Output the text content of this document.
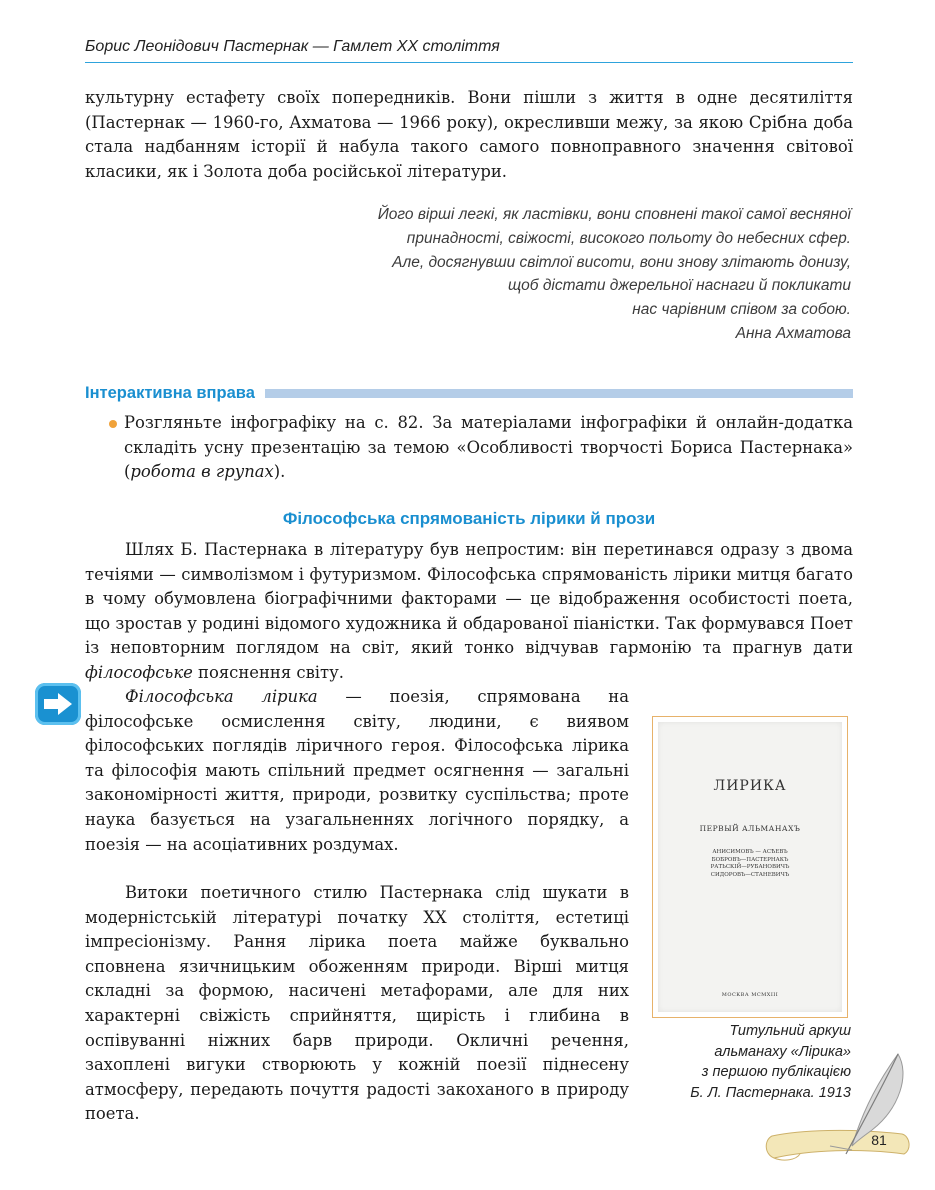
Борис Леонідович Пастернак — Гамлет ХХ століття

культурну естафету своїх попередників. Вони пішли з життя в одне десятиліття (Пастернак — 1960-го, Ахматова — 1966 року), окресливши межу, за якою Срібна доба стала надбанням історії й набула такого самого повноправного значення світової класики, як і Золота доба російської літератури.

Його вірші легкі, як ластівки, вони сповнені такої самої весняної
принадності, свіжості, високого польоту до небесних сфер.
Але, досягнувши світлої висоти, вони знову злітають донизу,
щоб дістати джерельної наснаги й покликати
нас чарівним співом за собою.
Анна Ахматова
Інтерактивна вправа

Розгляньте інфографіку на с. 82. За матеріалами інфографіки й онлайн-додатка складіть усну презентацію за темою «Особливості творчості Бориса Пастернака» (робота в групах).

Філософська спрямованість лірики й прози

Шлях Б. Пастернака в літературу був непростим: він перетинався одразу з двома течіями — символізмом і футуризмом. Філософська спрямованість лірики митця багато в чому обумовлена біографічними факторами — це відображення особистості поета, що зростав у родині відомого художника й обдарованої піаністки. Так формувався Поет із неповторним поглядом на світ, який тонко відчував гармонію та прагнув дати філософське пояснення світу.

Філософська лірика — поезія, спрямована на філософське осмислення світу, людини, є виявом філософських поглядів ліричного героя. Філософська лірика та філософія мають спільний предмет осягнення — загальні закономірності життя, природи, розвитку суспільства; проте наука базується на узагальненнях логічного порядку, а поезія — на асоціативних роздумах.

Витоки поетичного стилю Пастернака слід шукати в модерністській літературі початку ХХ століття, естетиці імпресіонізму. Рання лірика поета майже буквально сповнена язичницьким обоженням природи. Вірші митця складні за формою, насичені метафорами, але для них характерні свіжість сприйняття, щирість і глибина в оспівуванні ніжних барв природи. Окличні речення, захоплені вигуки створюють у кожній поезії піднесену атмосферу, передають почуття радості закоханого в природу поета.

ЛИРИКА
ПЕРВЫЙ АЛЬМАНАХЪ
АНИСИМОВЪ — АСѢЕВЪ
БОБРОВЪ—ПАСТЕРНАКЪ
РАТЬСКІЙ—РУБАНОВИЧЪ
СИДОРОВЪ—СТАНЕВИЧЪ
МОСКВА MCMXIII
Титульний аркуш
альманаху «Лірика»
з першою публікацією
Б. Л. Пастернака. 1913
81
